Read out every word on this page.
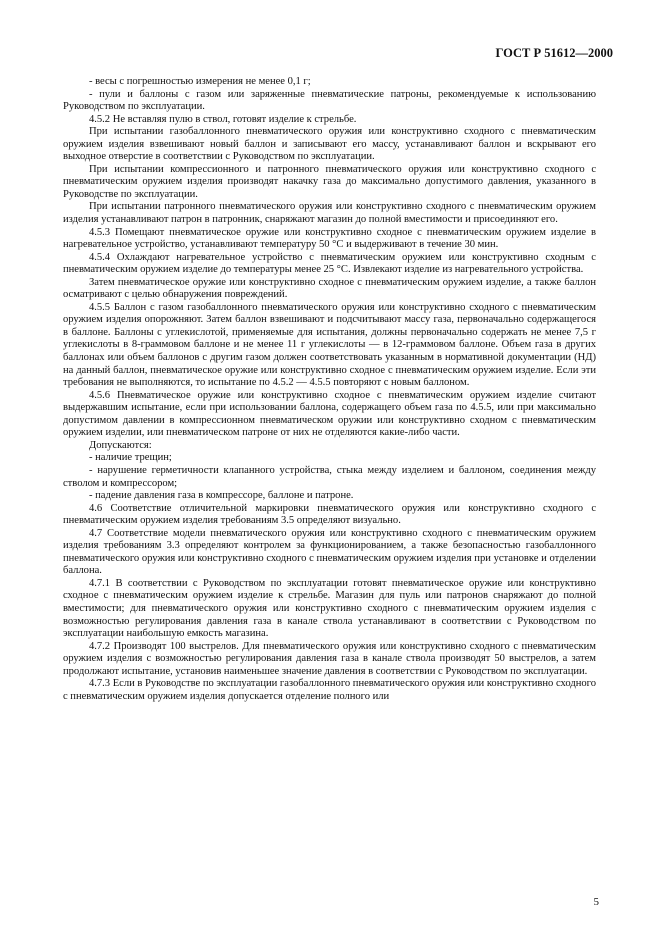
ГОСТ Р 51612—2000

- весы с погрешностью измерения не менее 0,1 г;

- пули и баллоны с газом или заряженные пневматические патроны, рекомендуемые к использованию Руководством по эксплуатации.

4.5.2 Не вставляя пулю в ствол, готовят изделие к стрельбе.

При испытании газобаллонного пневматического оружия или конструктивно сходного с пневматическим оружием изделия взвешивают новый баллон и записывают его массу, устанавливают баллон и вскрывают его выходное отверстие в соответствии с Руководством по эксплуатации.

При испытании компрессионного и патронного пневматического оружия или конструктивно сходного с пневматическим оружием изделия производят накачку газа до максимально допустимого давления, указанного в Руководстве по эксплуатации.

При испытании патронного пневматического оружия или конструктивно сходного с пневматическим оружием изделия устанавливают патрон в патронник, снаряжают магазин до полной вместимости и присоединяют его.

4.5.3 Помещают пневматическое оружие или конструктивно сходное с пневматическим оружием изделие в нагревательное устройство, устанавливают температуру 50 °С и выдерживают в течение 30 мин.

4.5.4 Охлаждают нагревательное устройство с пневматическим оружием или конструктивно сходным с пневматическим оружием изделие до температуры менее 25 °С. Извлекают изделие из нагревательного устройства.

Затем пневматическое оружие или конструктивно сходное с пневматическим оружием изделие, а также баллон осматривают с целью обнаружения повреждений.

4.5.5 Баллон с газом газобаллонного пневматического оружия или конструктивно сходного с пневматическим оружием изделия опорожняют. Затем баллон взвешивают и подсчитывают массу газа, первоначально содержащегося в баллоне. Баллоны с углекислотой, применяемые для испытания, должны первоначально содержать не менее 7,5 г углекислоты в 8-граммовом баллоне и не менее 11 г углекислоты — в 12-граммовом баллоне. Объем газа в других баллонах или объем баллонов с другим газом должен соответствовать указанным в нормативной документации (НД) на данный баллон, пневматическое оружие или конструктивно сходное с пневматическим оружием изделие. Если эти требования не выполняются, то испытание по 4.5.2 — 4.5.5 повторяют с новым баллоном.

4.5.6 Пневматическое оружие или конструктивно сходное с пневматическим оружием изделие считают выдержавшим испытание, если при использовании баллона, содержащего объем газа по 4.5.5, или при максимально допустимом давлении в компрессионном пневматическом оружии или конструктивно сходном с пневматическим оружием изделии, или пневматическом патроне от них не отделяются какие-либо части.

Допускаются:

- наличие трещин;

- нарушение герметичности клапанного устройства, стыка между изделием и баллоном, соединения между стволом и компрессором;

- падение давления газа в компрессоре, баллоне и патроне.

4.6 Соответствие отличительной маркировки пневматического оружия или конструктивно сходного с пневматическим оружием изделия требованиям 3.5 определяют визуально.

4.7 Соответствие модели пневматического оружия или конструктивно сходного с пневматическим оружием изделия требованиям 3.3 определяют контролем за функционированием, а также безопасностью газобаллонного пневматического оружия или конструктивно сходного с пневматическим оружием изделия при установке и отделении баллона.

4.7.1 В соответствии с Руководством по эксплуатации готовят пневматическое оружие или конструктивно сходное с пневматическим оружием изделие к стрельбе. Магазин для пуль или патронов снаряжают до полной вместимости; для пневматического оружия или конструктивно сходного с пневматическим оружием изделия с возможностью регулирования давления газа в канале ствола устанавливают в соответствии с Руководством по эксплуатации наибольшую емкость магазина.

4.7.2 Производят 100 выстрелов. Для пневматического оружия или конструктивно сходного с пневматическим оружием изделия с возможностью регулирования давления газа в канале ствола производят 50 выстрелов, а затем продолжают испытание, установив наименьшее значение давления в соответствии с Руководством по эксплуатации.

4.7.3 Если в Руководстве по эксплуатации газобаллонного пневматического оружия или конструктивно сходного с пневматическим оружием изделия допускается отделение полного или

5
